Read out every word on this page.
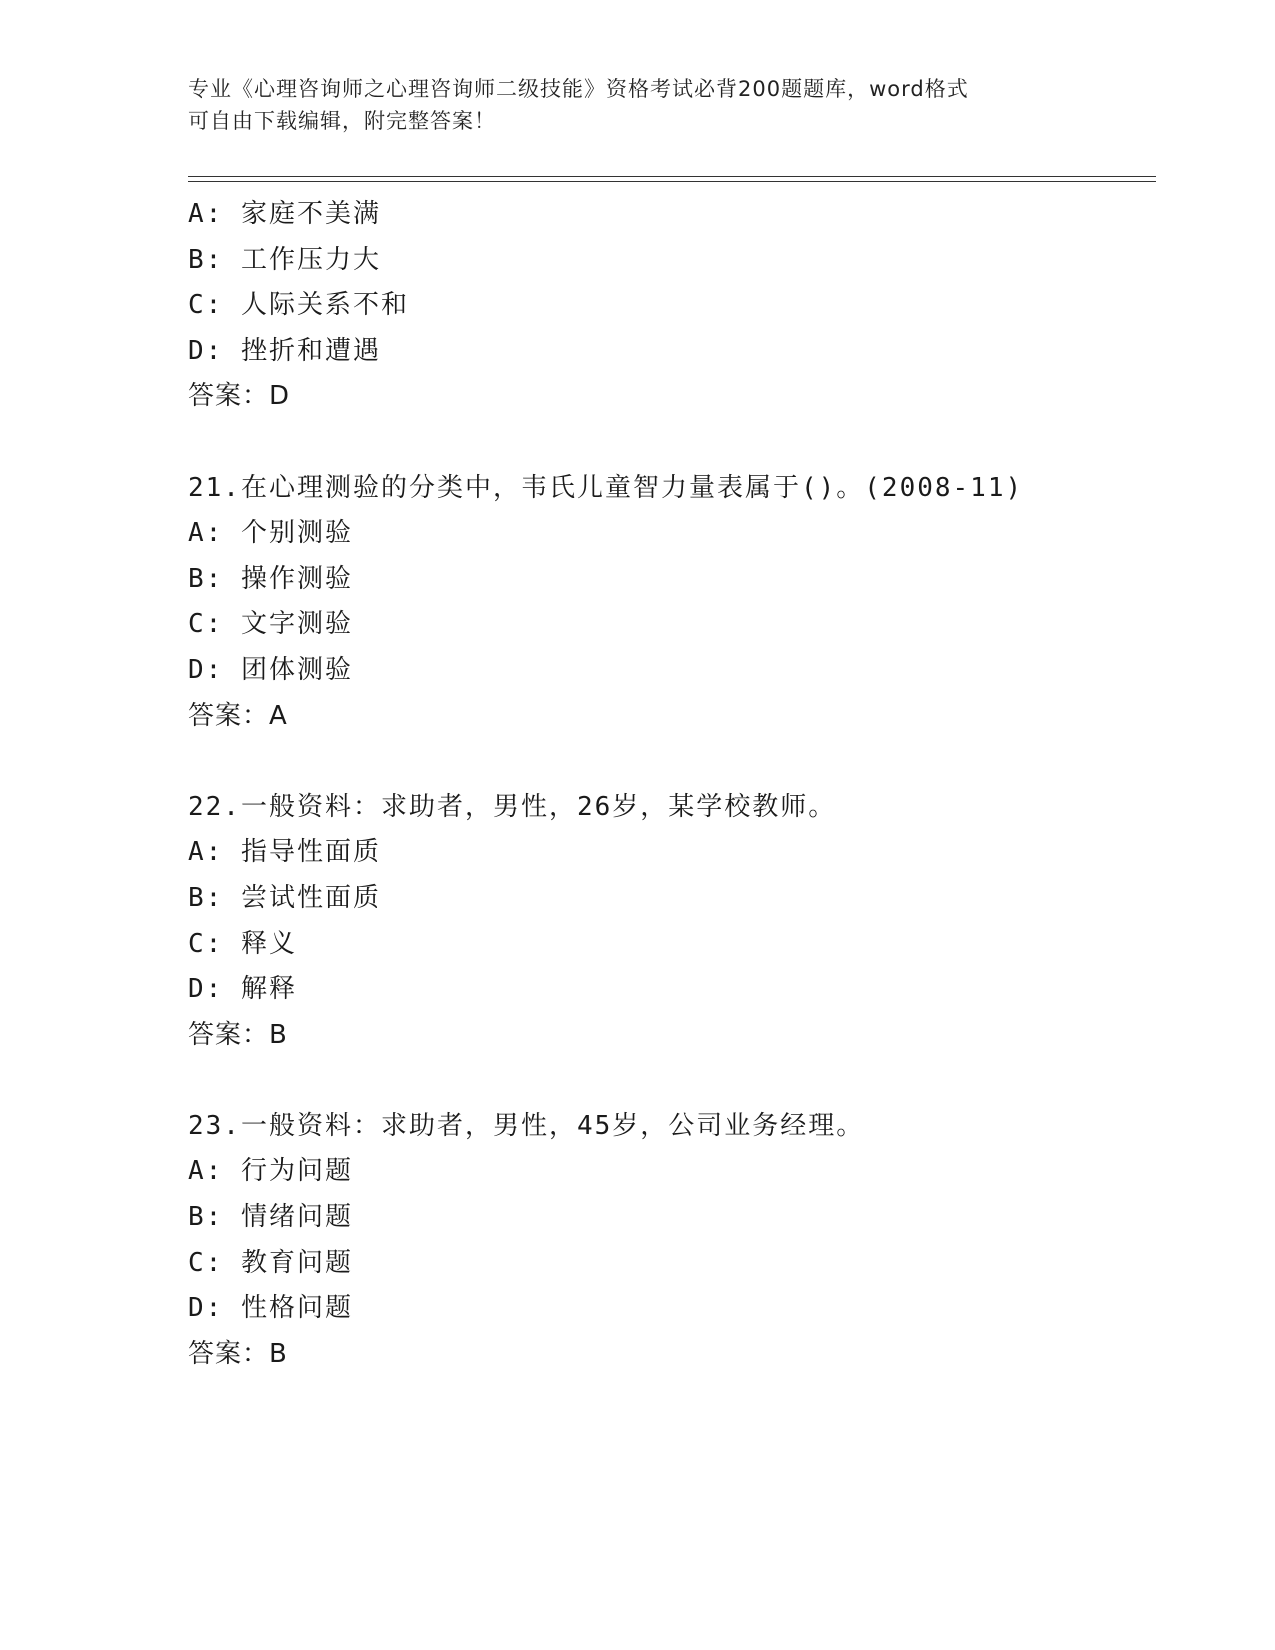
专业《心理咨询师之心理咨询师二级技能》资格考试必背200题题库，word格式
可自由下载编辑，附完整答案！
A: 家庭不美满
B: 工作压力大
C: 人际关系不和
D: 挫折和遭遇
答案：D
21.在心理测验的分类中，韦氏儿童智力量表属于()。(2008-11)
A: 个别测验
B: 操作测验
C: 文字测验
D: 团体测验
答案：A
22.一般资料：求助者，男性，26岁，某学校教师。
A: 指导性面质
B: 尝试性面质
C: 释义
D: 解释
答案：B
23.一般资料：求助者，男性，45岁，公司业务经理。
A: 行为问题
B: 情绪问题
C: 教育问题
D: 性格问题
答案：B
